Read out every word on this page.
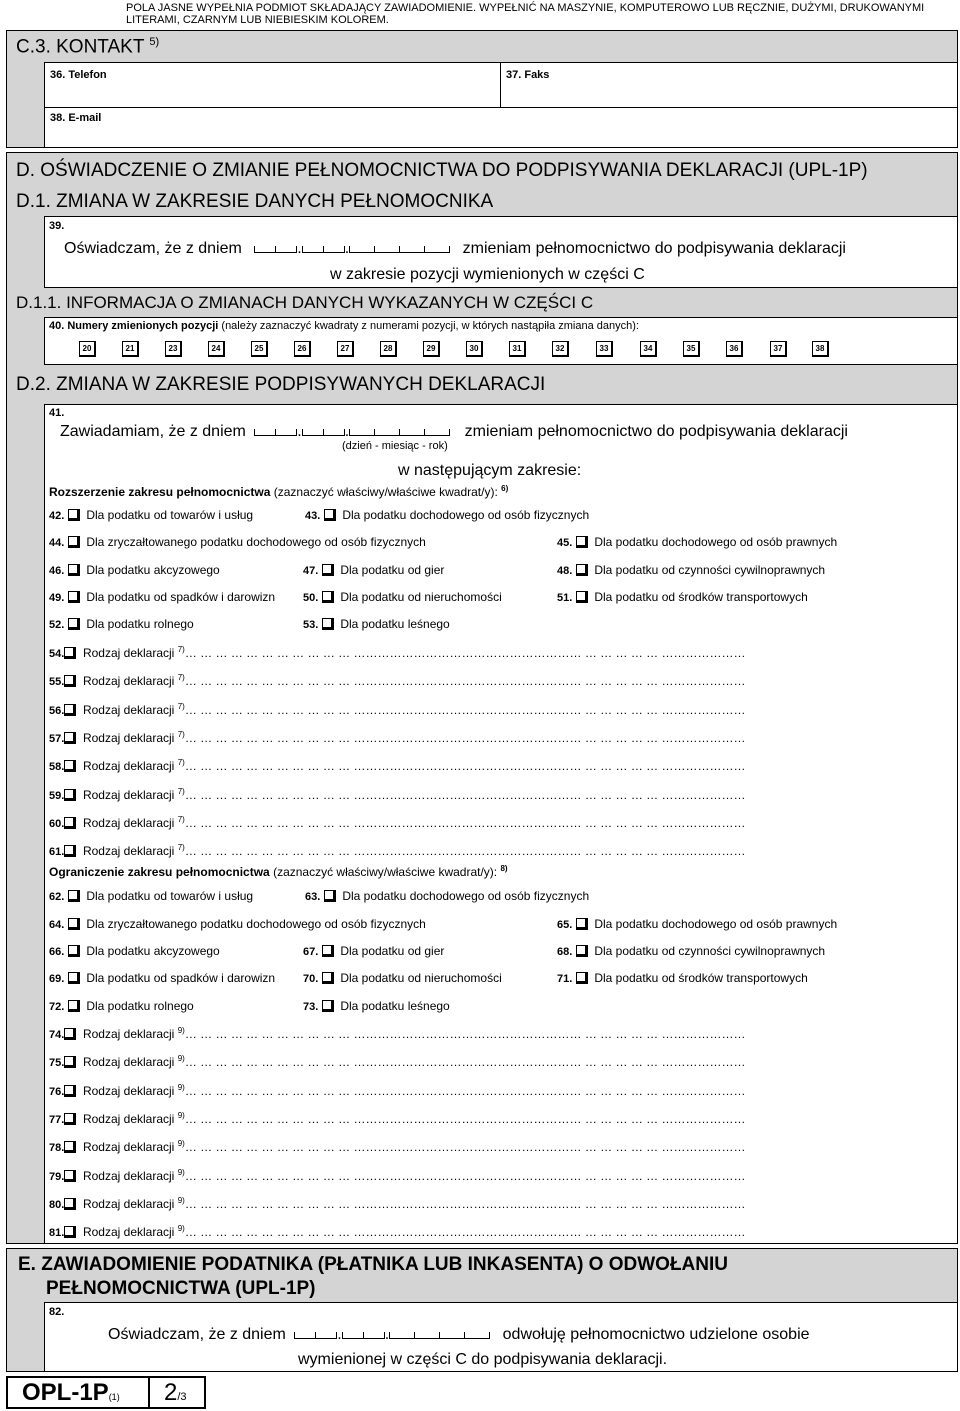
POLA JASNE WYPEŁNIA PODMIOT SKŁADAJĄCY ZAWIADOMIENIE. WYPEŁNIĆ NA MASZYNIE, KOMPUTEROWO LUB RĘCZNIE, DUŻYMI, DRUKOWANYMI LITERAMI, CZARNYM LUB NIEBIESKIM KOLOREM.
C.3. KONTAKT $^{5)}$
36. Telefon	37. Faks
38. E-mail
D. OŚWIADCZENIE O ZMIANIE PEŁNOMOCNICTWA DO PODPISYWANIA DEKLARACJI (UPL-1P)
D.1. ZMIANA W ZAKRESIE DANYCH PEŁNOMOCNIKA
39.
Oświadczam, że z dniem	.	.	zmieniam pełnomocnictwo do podpisywania deklaracji
w zakresie pozycji wymienionych w części C
D.1.1. INFORMACJA O ZMIANACH DANYCH WYKAZANYCH W CZĘŚCI C
40. Numery zmienionych pozycji (należy zaznaczyć kwadraty z numerami pozycji, w których nastąpiła zmiana danych):
20	21	23	24	25	26	27	28	29	30	31	32	33	34	35	36	37	38
D.2. ZMIANA W ZAKRESIE PODPISYWANYCH DEKLARACJI
41.
Zawiadamiam, że z dniem	.	.	zmieniam pełnomocnictwo do podpisywania deklaracji
(dzień - miesiąc - rok)
w następującym zakresie:
Rozszerzenie zakresu pełnomocnictwa (zaznaczyć właściwy/właściwe kwadrat/y): $^{6)}$
42. Dla podatku od towarów i usług	43. Dla podatku dochodowego od osób fizycznych
44. Dla zryczałtowanego podatku dochodowego od osób fizycznych	45. Dla podatku dochodowego od osób prawnych
46. Dla podatku akcyzowego	47. Dla podatku od gier	48. Dla podatku od czynności cywilnoprawnych
49. Dla podatku od spadków i darowizn	50. Dla podatku od nieruchomości	51. Dla podatku od środków transportowych
52. Dla podatku rolnego	53. Dla podatku leśnego
54. Rodzaj deklaracji $^{7)}$… … … … … … … … … … … ………………………………………………… … … … … … …………………
55. Rodzaj deklaracji $^{7)}$… … … … … … … … … … … ………………………………………………… … … … … … …………………
56. Rodzaj deklaracji $^{7)}$… … … … … … … … … … … ………………………………………………… … … … … … …………………
57. Rodzaj deklaracji $^{7)}$… … … … … … … … … … … ………………………………………………… … … … … … …………………
58. Rodzaj deklaracji $^{7)}$… … … … … … … … … … … ………………………………………………… … … … … … …………………
59. Rodzaj deklaracji $^{7)}$… … … … … … … … … … … ………………………………………………… … … … … … …………………
60. Rodzaj deklaracji $^{7)}$… … … … … … … … … … … ………………………………………………… … … … … … …………………
61. Rodzaj deklaracji $^{7)}$… … … … … … … … … … … ………………………………………………… … … … … … …………………
Ograniczenie zakresu pełnomocnictwa (zaznaczyć właściwy/właściwe kwadrat/y): $^{8)}$
62. Dla podatku od towarów i usług	63. Dla podatku dochodowego od osób fizycznych
64. Dla zryczałtowanego podatku dochodowego od osób fizycznych	65. Dla podatku dochodowego od osób prawnych
66. Dla podatku akcyzowego	67. Dla podatku od gier	68. Dla podatku od czynności cywilnoprawnych
69. Dla podatku od spadków i darowizn	70. Dla podatku od nieruchomości	71. Dla podatku od środków transportowych
72. Dla podatku rolnego	73. Dla podatku leśnego
74. Rodzaj deklaracji $^{9)}$… … … … … … … … … … … ………………………………………………… … … … … … …………………
75. Rodzaj deklaracji $^{9)}$… … … … … … … … … … … ………………………………………………… … … … … … …………………
76. Rodzaj deklaracji $^{9)}$… … … … … … … … … … … ………………………………………………… … … … … … …………………
77. Rodzaj deklaracji $^{9)}$… … … … … … … … … … … ………………………………………………… … … … … … …………………
78. Rodzaj deklaracji $^{9)}$… … … … … … … … … … … ………………………………………………… … … … … … …………………
79. Rodzaj deklaracji $^{9)}$… … … … … … … … … … … ………………………………………………… … … … … … …………………
80. Rodzaj deklaracji $^{9)}$… … … … … … … … … … … ………………………………………………… … … … … … …………………
81. Rodzaj deklaracji $^{9)}$… … … … … … … … … … … ………………………………………………… … … … … … …………………
E. ZAWIADOMIENIE PODATNIKA (PŁATNIKA LUB INKASENTA) O ODWOŁANIU
PEŁNOMOCNICTWA (UPL-1P)
82.
Oświadczam, że z dniem	.	.	odwołuję pełnomocnictwo udzielone osobie
wymienionej w części C do podpisywania deklaracji.
OPL-1P(1) 2/3
